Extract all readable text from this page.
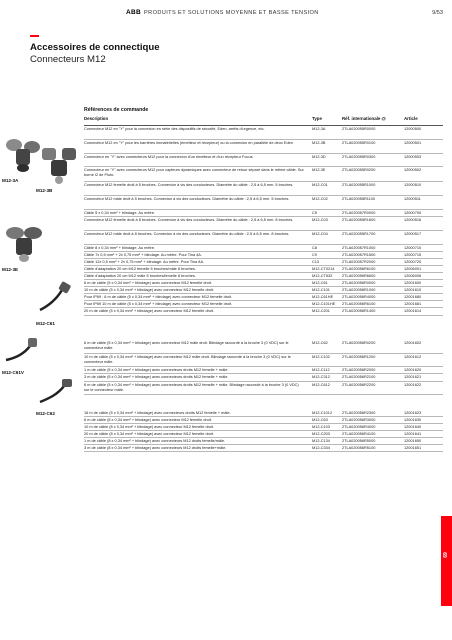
ABB PRODUITS ET SOLUTIONS MOYENNE ET BASSE TENSION	9/53
Accessoires de connectique
Connecteurs M12
M12-3A
M12-3B
M12-3E
M12-C61
M12-C61V
M12-C62
Références de commande
Description	Type	Réf. internationale @	Article
Connecteur M12 en "Y" pour la connexion en série des dispositifs de sécurité, Eden, arrêts d'urgence, etc.	M12-3A	2TLA020055R0000	12000500
Connecteur M12 en "Y" pour les barrières immatérielles (émetteur et récepteur) ou la connexion en parallèle de deux Eden	M12-3B	2TLA020055R0100	12000501
Connecteur en "Y" avec connecteurs M12 pour la connexion d'un émetteur et d'un récepteur Focus.	M12-3D	2TLA020055R0300	12000503
Connecteur en "Y" avec connecteurs M12 pour capteurs dynamiques avec connecteur de retour séparé dans le même câble. Sur borne I2 de Pluto.
M12-3E	2TLA020055R0200	12000502
Connecteur M12 femelle droit à 5 broches. Connexion à vis des conducteurs. Diamètre du câble : 2,5 à 6,5 mm. 5 broches.	M12-C01	2TLA020055R1000	12000510
Connecteur M12 mâle droit à 5 broches. Connexion à vis des conducteurs. Diamètre du câble : 2,5 à 6,5 mm. 5 broches.	M12-C02	2TLA020055R1100	12000511
Câble 5 x 0,34 mm² + blindage. Au mètre.	C5	2TLA020057R0000	12000700
Connecteur M12 femelle droit à 8 broches. Connexion à vis des conducteurs. Diamètre du câble : 2,5 à 6,5 mm. 8 broches.	M12-C03	2TLA020055R1600	12000516
Connecteur M12 mâle droit à 8 broches. Connexion à vis des conducteurs. Diamètre du câble : 2,5 à 6,5 mm. 8 broches.	M12-C04	2TLA020055R1700	12000517
Câble 8 x 0,34 mm² + blindage. Au mètre.	C8	2TLA020057R1000	12000710
Câble 7x 0,5 mm² + 2x 0,75 mm² + blindage. Au mètre. Pour Tina 4A.	C9	2TLA020057R1500	12000715
Câble 12x 0,5 mm² + 2x 0,75 mm² + blindage. Au mètre. Pour Tina 8A.	C13	2TLA020057R2000	12000720
Câble d'adaptation 20 cm M12 femelle 5 broches/mâle 8 broches.	M12-CT0214	2TLA020056R6100	12006001
Câble d'adaptation 20 cm M12 mâle 5 broches/femelle 8 broches.	M12-CT532	2TLA020056R6600	12006006
6 m de câble (5 x 0,34 mm² + blindage) avec connecteur M12 femelle droit.	M12-C61	2TLA020056R0000	12001600
10 m de câble (5 x 0,34 mm² + blindage) avec connecteur M12 femelle droit.	M12-C101	2TLA020056R1000	12001610
Pour IP69 : 6 m de câble (5 x 0,34 mm² + blindage) avec connecteur M12 femelle droit.	M12-C61HE	2TLA020056R4000	12001680
Pour IP69 10 m de câble (5 x 0,34 mm² + blindage) avec connecteur M12 femelle droit.	M12-C101HE	2TLA020056R6100	12001681
20 m de câble (5 x 0,34 mm² + blindage) avec connecteur M12 femelle droit.	M12-C201	2TLA020056R1400	12001614
6 m de câble (5 x 0,34 mm² + blindage) avec connecteur M12 mâle droit. Blindage raccordé à la broche 3 (0 VDC) sur le connecteur mâle.
M12-C62	2TLA020056R0200	12001602
10 m de câble (5 x 0,34 mm² + blindage) avec connecteur M12 mâle droit. Blindage raccordé à la broche 3 (0 VDC) sur le connecteur mâle.
M12-C102	2TLA020056R1200	12001612
1 m de câble (5 x 0,34 mm² + blindage) avec connecteurs droits M12 femelle + mâle.	M12-C112	2TLA020056R2000	12001620
3 m de câble (5 x 0,34 mm² + blindage) avec connecteurs droits M12 femelle + mâle.	M12-C312	2TLA020056R2100	12001621
6 m de câble (5 x 0,34 mm² + blindage) avec connecteurs droits M12 femelle + mâle. Blindage raccordé à la broche 3 (0 VDC) sur le connecteur mâle.
M12-C612	2TLA020056R2200	12001622
16 m de câble (5 x 0,34 mm² + blindage) avec connecteurs droits M12 femelle + mâle.	M12-C1012	2TLA020056R2300	12001623
6 m de câble (8 x 0,34 mm² + blindage) avec connecteur M12 femelle droit.	M12-C63	2TLA020056R3000	12001630
10 m de câble (8 x 0,34 mm² + blindage) avec connecteur M12 femelle droit.	M12-C103	2TLA020056R4000	12001640
20 m de câble (8 x 0,34 mm² + blindage) avec connecteur M12 femelle droit.	M12-C203	2TLA020056R4100	12001641
1 m de câble (8 x 0,34 mm² + blindage) avec connecteurs M12 droits femelle/mâle.	M12-C134	2TLA020056R5000	12001650
3 m de câble (8 x 0,34 mm² + blindage) avec connecteurs M12 droits femelle+mâle.	M12-C334	2TLA020056R5100	12001651
69
